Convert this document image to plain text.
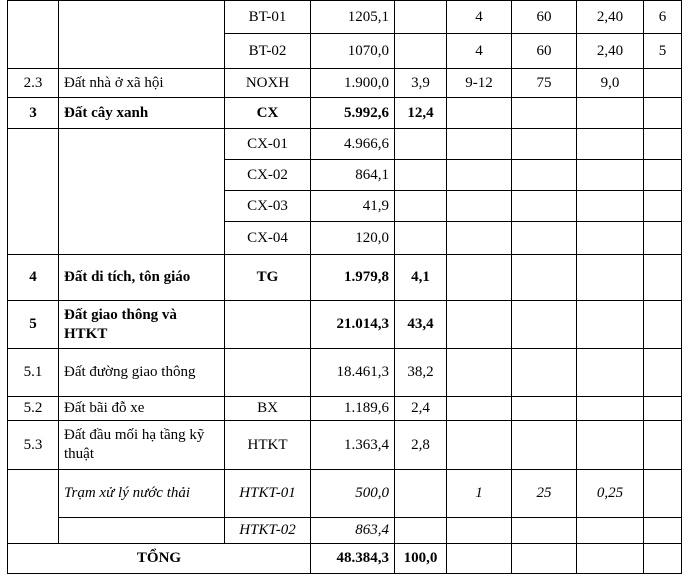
		BT-01	1205,1		4	60	2,40	6
		BT-02	1070,0		4	60	2,40	5
2.3	Đất nhà ở xã hội	NOXH	1.900,0	3,9	9-12	75	9,0	
3	Đất cây xanh	CX	5.992,6	12,4				
		CX-01	4.966,6					
		CX-02	864,1					
		CX-03	41,9					
		CX-04	120,0					
4	Đất di tích, tôn giáo	TG	1.979,8	4,1				
5	Đất giao thông và HTKT		21.014,3	43,4				
5.1	Đất đường giao thông		18.461,3	38,2				
5.2	Đất bãi đỗ xe	BX	1.189,6	2,4				
5.3	Đất đầu mối hạ tầng kỹ thuật	HTKT	1.363,4	2,8				
	Trạm xử lý nước thải	HTKT-01	500,0		1	25	0,25	
		HTKT-02	863,4					
TỔNG			48.384,3	100,0				
